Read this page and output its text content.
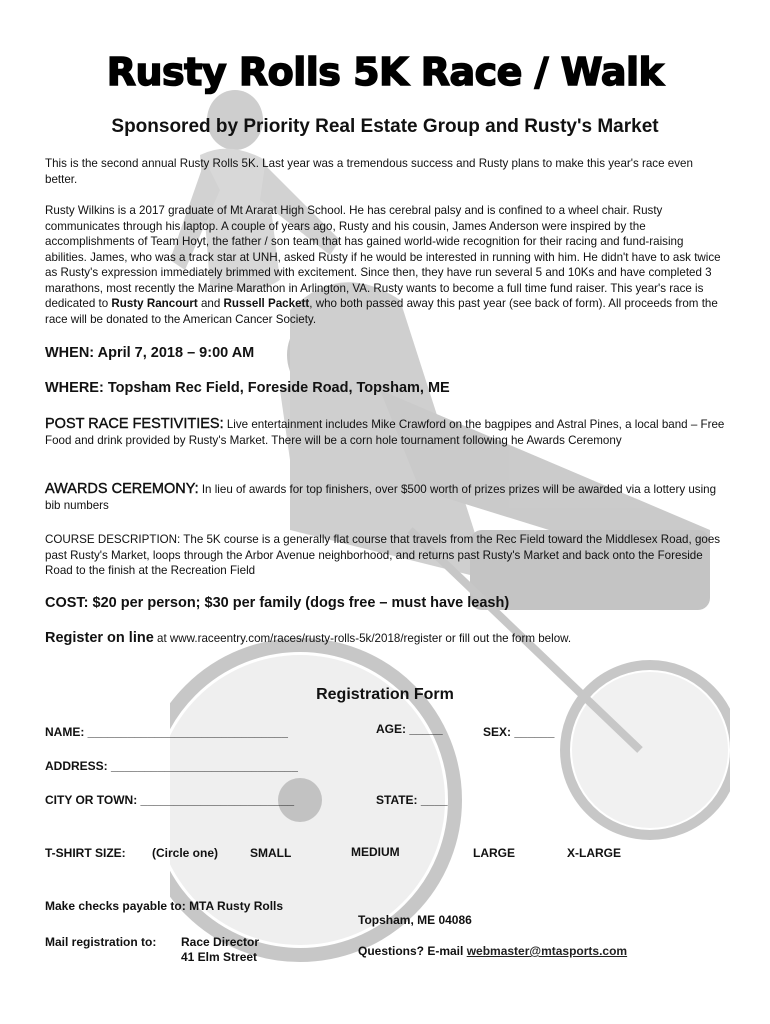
Rusty Rolls 5K Race / Walk
Sponsored by Priority Real Estate Group and Rusty's Market
This is the second annual Rusty Rolls 5K. Last year was a tremendous success and Rusty plans to make this year's race even better.
Rusty Wilkins is a 2017 graduate of Mt Ararat High School. He has cerebral palsy and is confined to a wheel chair. Rusty communicates through his laptop. A couple of years ago, Rusty and his cousin, James Anderson were inspired by the accomplishments of Team Hoyt, the father / son team that has gained world-wide recognition for their racing and fund-raising abilities. James, who was a track star at UNH, asked Rusty if he would be interested in running with him. He didn't have to ask twice as Rusty's expression immediately brimmed with excitement. Since then, they have run several 5 and 10Ks and have completed 3 marathons, most recently the Marine Marathon in Arlington, VA. Rusty wants to become a full time fund raiser. This year's race is dedicated to Rusty Rancourt and Russell Packett, who both passed away this past year (see back of form). All proceeds from the race will be donated to the American Cancer Society.
WHEN: April 7, 2018 – 9:00 AM
WHERE: Topsham Rec Field, Foreside Road, Topsham, ME
POST RACE FESTIVITIES: Live entertainment includes Mike Crawford on the bagpipes and Astral Pines, a local band – Free Food and drink provided by Rusty's Market. There will be a corn hole tournament following he Awards Ceremony
AWARDS CEREMONY: In lieu of awards for top finishers, over $500 worth of prizes prizes will be awarded via a lottery using bib numbers
COURSE DESCRIPTION: The 5K course is a generally flat course that travels from the Rec Field toward the Middlesex Road, goes past Rusty's Market, loops through the Arbor Avenue neighborhood, and returns past Rusty's Market and back onto the Foreside Road to the finish at the Recreation Field
COST: $20 per person; $30 per family (dogs free – must have leash)
Register on line at www.raceentry.com/races/rusty-rolls-5k/2018/register or fill out the form below.
Registration Form
NAME: ______________________________	AGE: _____	SEX: ______
ADDRESS: ____________________________
CITY OR TOWN: _______________________	STATE: ____
T-SHIRT SIZE: (Circle one)	SMALL	MEDIUM	LARGE	X-LARGE
Make checks payable to: MTA Rusty Rolls
Topsham, ME 04086
Mail registration to: Race Director
41 Elm Street	Questions? E-mail webmaster@mtasports.com
